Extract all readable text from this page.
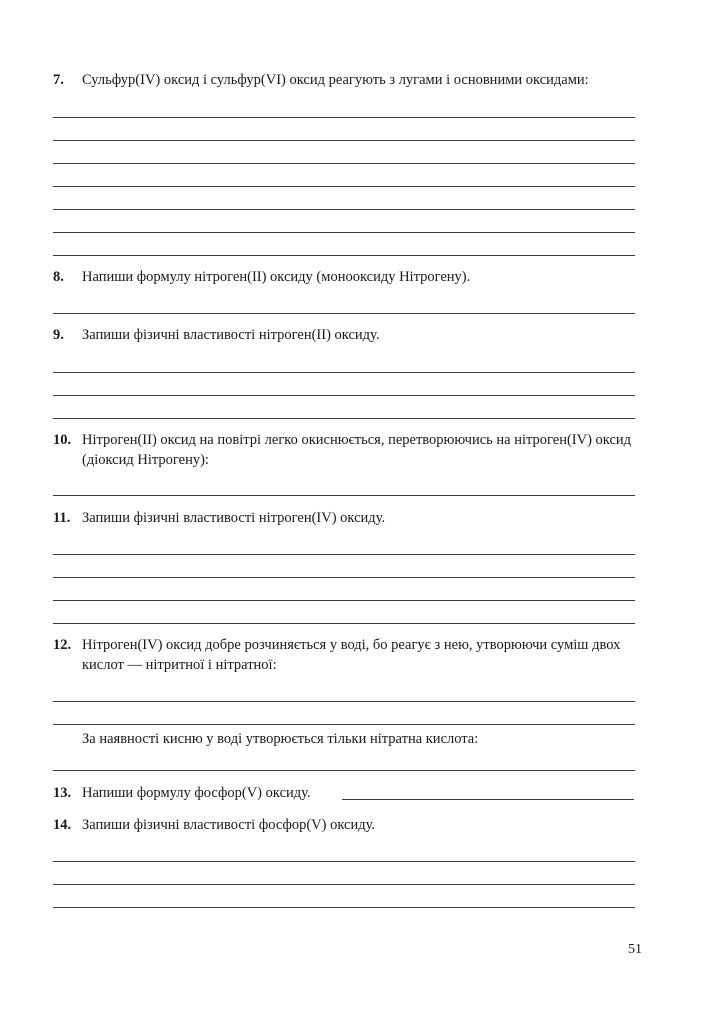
7. Сульфур(IV) оксид і сульфур(VI) оксид реагують з лугами і основними оксидами:
8. Напиши формулу нітроген(II) оксиду (монооксиду Нітрогену).
9. Запиши фізичні властивості нітроген(II) оксиду.
10. Нітроген(II) оксид на повітрі легко окиснюється, перетворюючись на нітроген(IV) оксид (діоксид Нітрогену):
11. Запиши фізичні властивості нітроген(IV) оксиду.
12. Нітроген(IV) оксид добре розчиняється у воді, бо реагує з нею, утворюючи суміш двох кислот — нітритної і нітратної:
За наявності кисню у воді утворюється тільки нітратна кислота:
13. Напиши формулу фосфор(V) оксиду.
14. Запиши фізичні властивості фосфор(V) оксиду.
51
